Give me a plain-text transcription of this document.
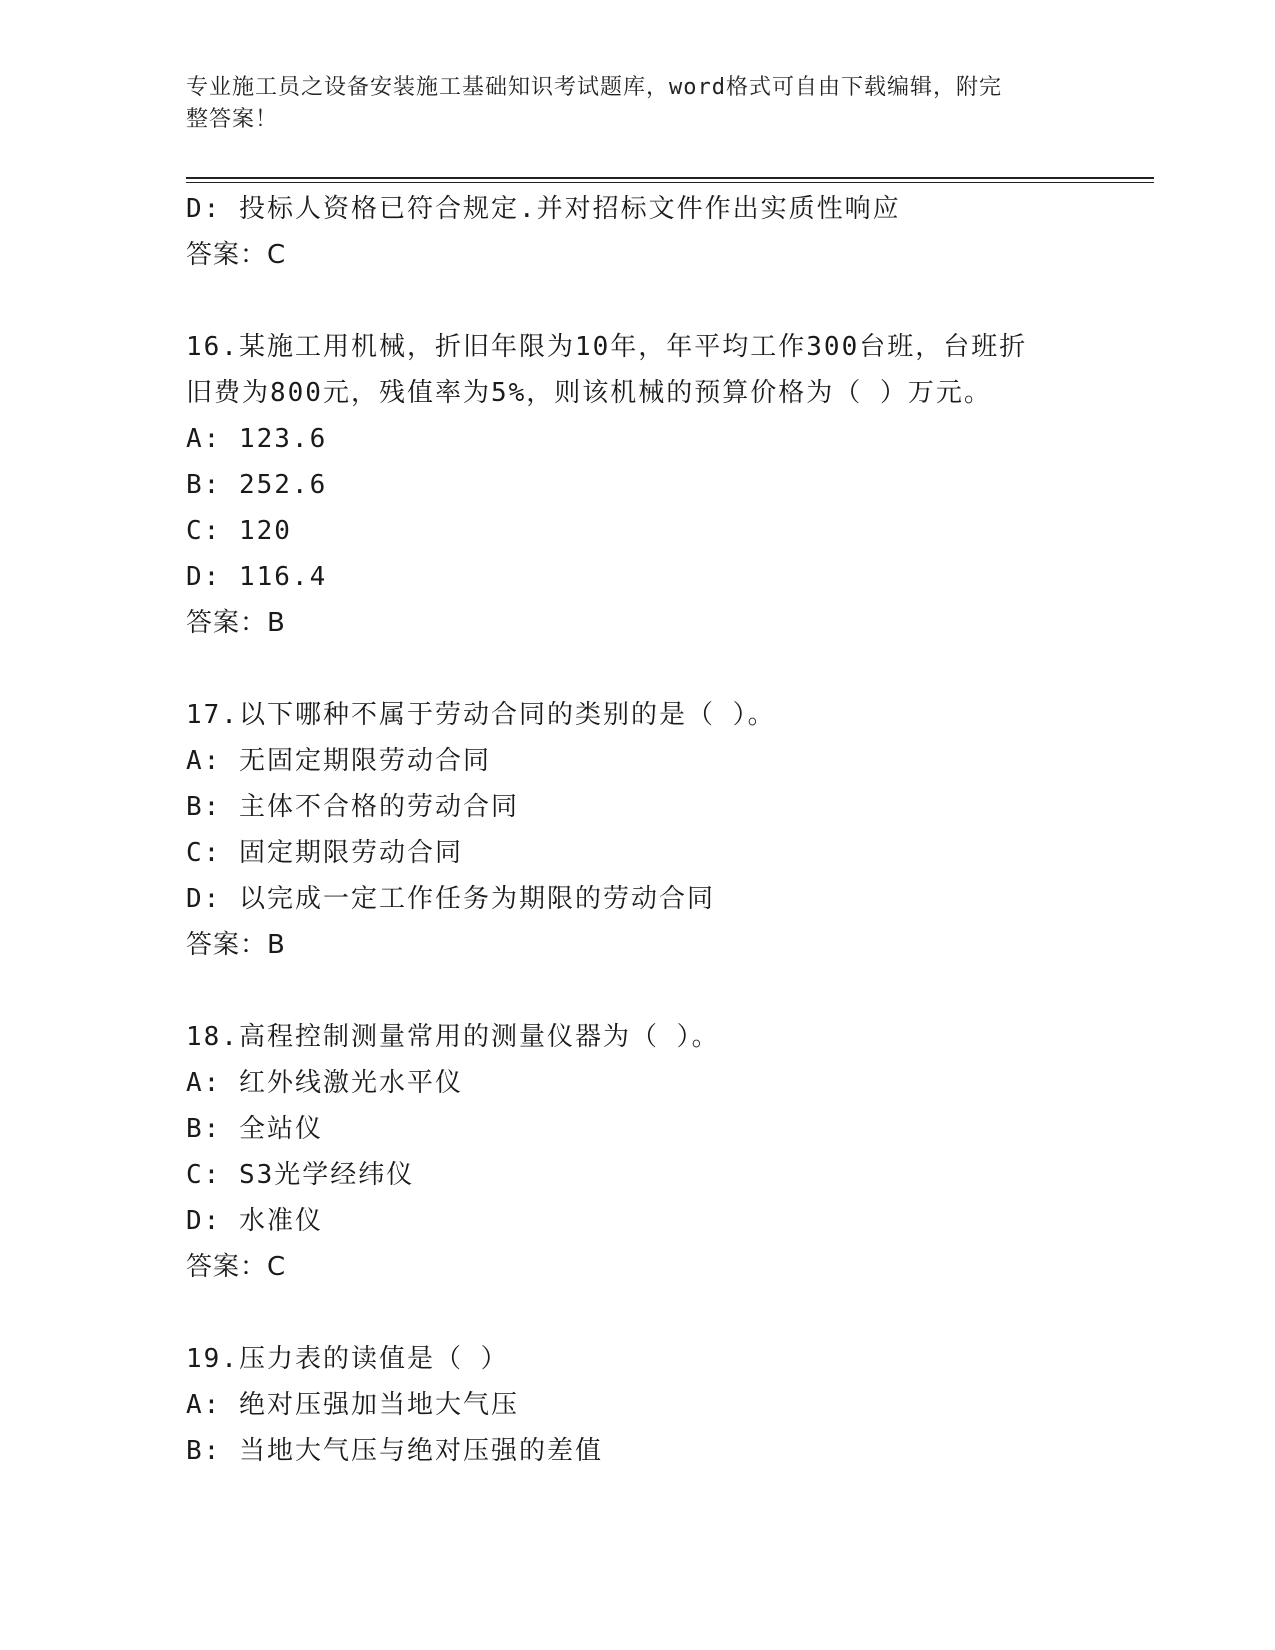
专业施工员之设备安装施工基础知识考试题库，word格式可自由下载编辑，附完
整答案！
D: 投标人资格已符合规定.并对招标文件作出实质性响应
答案：C
16.某施工用机械，折旧年限为10年，年平均工作300台班，台班折
旧费为800元，残值率为5%，则该机械的预算价格为（ ）万元。
A: 123.6
B: 252.6
C: 120
D: 116.4
答案：B
17.以下哪种不属于劳动合同的类别的是（ ）。
A: 无固定期限劳动合同
B: 主体不合格的劳动合同
C: 固定期限劳动合同
D: 以完成一定工作任务为期限的劳动合同
答案：B
18.高程控制测量常用的测量仪器为（ ）。
A: 红外线激光水平仪
B: 全站仪
C: S3光学经纬仪
D: 水准仪
答案：C
19.压力表的读值是（ ）
A: 绝对压强加当地大气压
B: 当地大气压与绝对压强的差值
